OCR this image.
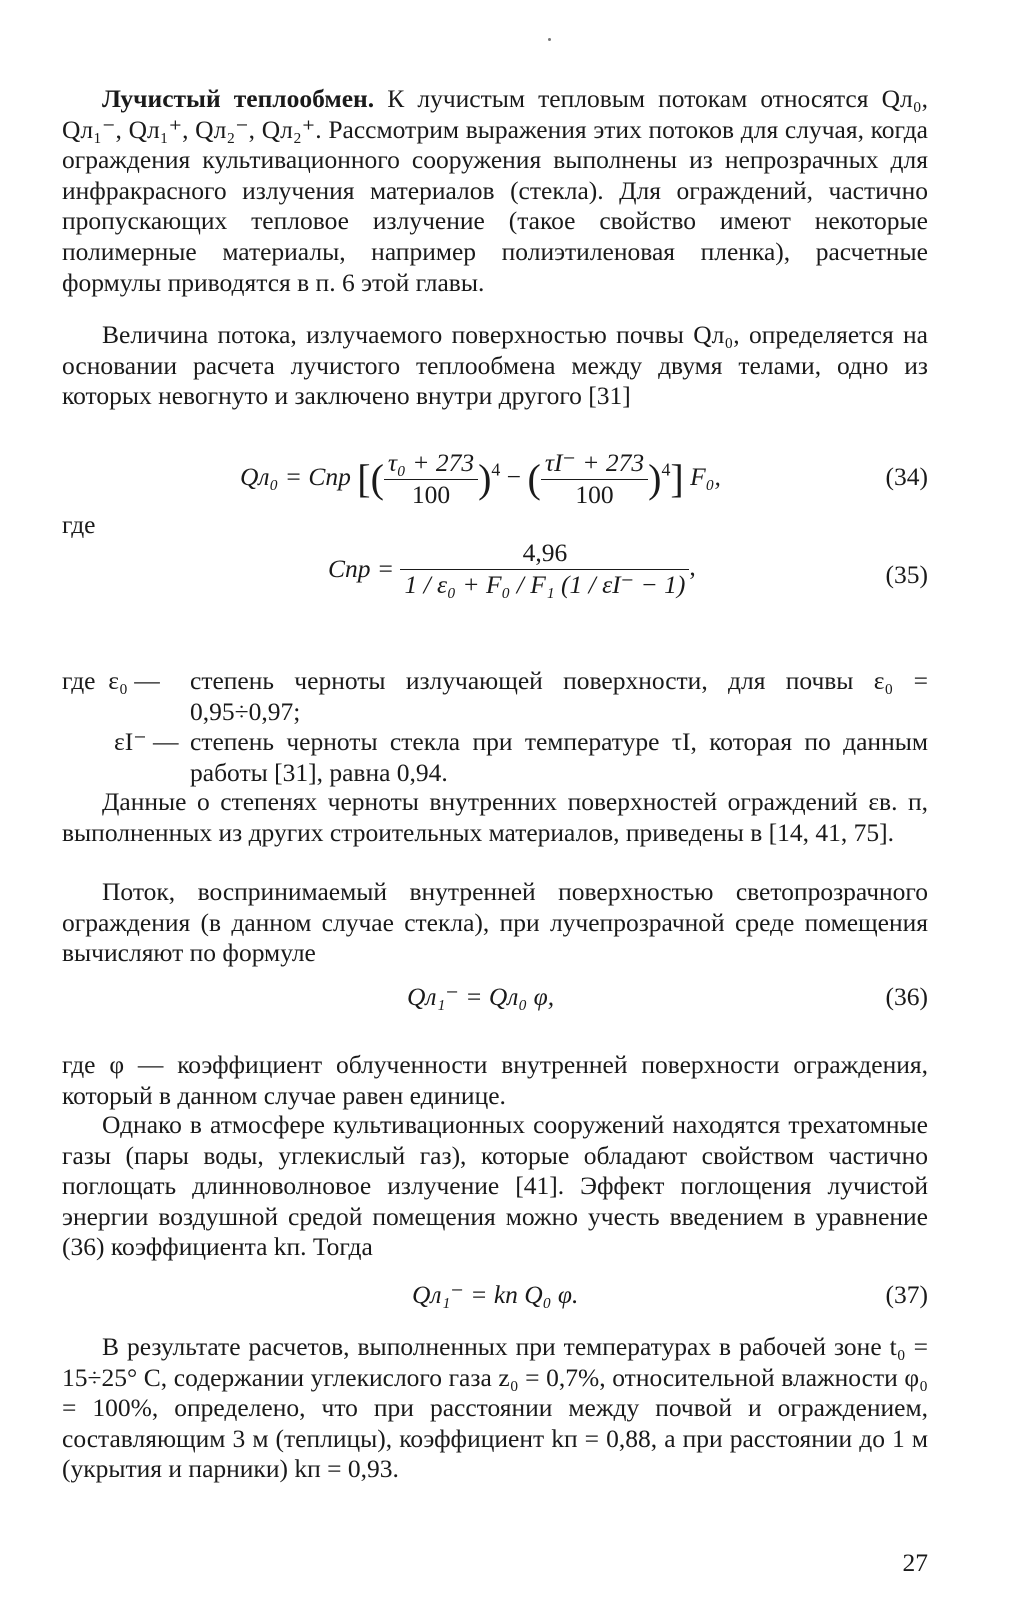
Лучистый теплообмен. К лучистым тепловым потокам относятся Qл₀, Qл₁⁻, Qл₁⁺, Qл₂⁻, Qл₂⁺. Рассмотрим выражения этих потоков для случая, когда ограждения культивационного сооружения выполнены из непрозрачных для инфракрасного излучения материалов (стекла). Для ограждений, частично пропускающих тепловое излучение (такое свойство имеют некоторые полимерные материалы, например полиэтиленовая пленка), расчетные формулы приводятся в п. 6 этой главы.

Величина потока, излучаемого поверхностью почвы Qл₀, определяется на основании расчета лучистого теплообмена между двумя телами, одно из которых невогнуто и заключено внутри другого [31]

Qл₀ = Cпр [( $\frac{\text{τ₀ + 273}}{100} )^4$ − ( $\frac{\tau I^- + 273}{100} )^4$] F₀,	(34)
где
Cпр = $\frac{4,96}{\text{1 / ε₀ + F₀ / F₁ (1 / εI⁻ − 1)}}$ ,	(35)
где ε₀ —	степень черноты излучающей поверхности, для почвы ε₀ = 0,95÷0,97;
εI⁻ — степень черноты стекла при температуре τI, которая по данным работы [31], равна 0,94.

Данные о степенях черноты внутренних поверхностей ограждений εв. п, выполненных из других строительных материалов, приведены в [14, 41, 75].

Поток, воспринимаемый внутренней поверхностью светопрозрачного ограждения (в данном случае стекла), при лучепрозрачной среде помещения вычисляют по формуле

Qл₁⁻ = Qл₀ φ,	(36)

где φ — коэффициент облученности внутренней поверхности ограждения, который в данном случае равен единице.

Однако в атмосфере культивационных сооружений находятся трехатомные газы (пары воды, углекислый газ), которые обладают свойством частично поглощать длинноволновое излучение [41]. Эффект поглощения лучистой энергии воздушной средой помещения можно учесть введением в уравнение (36) коэффициента kп. Тогда

Qл₁⁻ = kп Q₀ φ.	(37)

В результате расчетов, выполненных при температурах в рабочей зоне t₀ = 15÷25° С, содержании углекислого газа z₀ = 0,7%, относительной влажности φ₀ = 100%, определено, что при расстоянии между почвой и ограждением, составляющим 3 м (теплицы), коэффициент kп = 0,88, а при расстоянии до 1 м (укрытия и парники) kп = 0,93.

27
